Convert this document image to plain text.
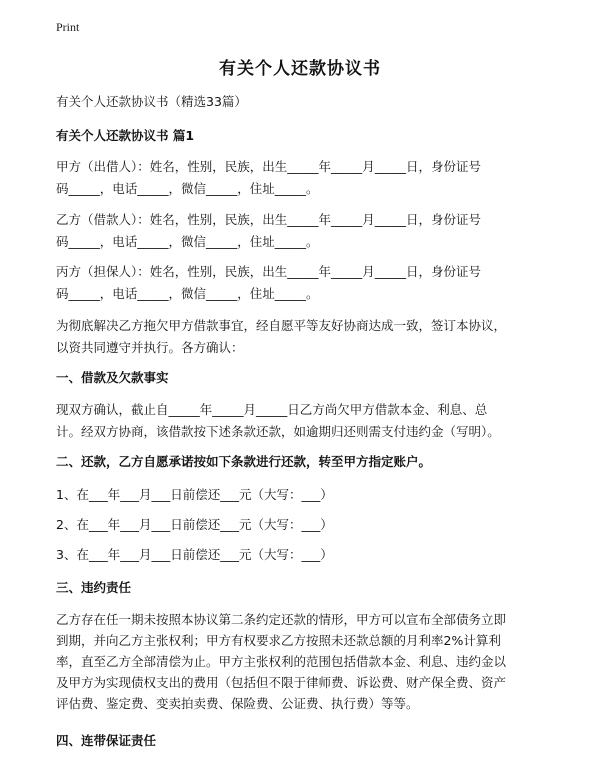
Print
有关个人还款协议书
有关个人还款协议书（精选33篇）
有关个人还款协议书 篇1
甲方（出借人）：姓名，性别，民族，出生_____年_____月_____日，身份证号
码_____，电话_____，微信_____，住址_____。
乙方（借款人）：姓名，性别，民族，出生_____年_____月_____日，身份证号
码_____，电话_____，微信_____，住址_____。
丙方（担保人）：姓名，性别，民族，出生_____年_____月_____日，身份证号
码_____，电话_____，微信_____，住址_____。
为彻底解决乙方拖欠甲方借款事宜，经自愿平等友好协商达成一致，签订本协议，
以资共同遵守并执行。各方确认：
一、借款及欠款事实
现双方确认，截止自_____年_____月_____日乙方尚欠甲方借款本金、利息、总
计。经双方协商，该借款按下述条款还款，如逾期归还则需支付违约金（写明）。
二、还款，乙方自愿承诺按如下条款进行还款，转至甲方指定账户。
1、在___年___月___日前偿还___元（大写：___）
2、在___年___月___日前偿还___元（大写：___）
3、在___年___月___日前偿还___元（大写：___）
三、违约责任
乙方存在任一期未按照本协议第二条约定还款的情形，甲方可以宣布全部债务立即
到期，并向乙方主张权利；甲方有权要求乙方按照未还款总额的月利率2%计算利
率，直至乙方全部清偿为止。甲方主张权利的范围包括借款本金、利息、违约金以
及甲方为实现债权支出的费用（包括但不限于律师费、诉讼费、财产保全费、资产
评估费、鉴定费、变卖拍卖费、保险费、公证费、执行费）等等。
四、连带保证责任
